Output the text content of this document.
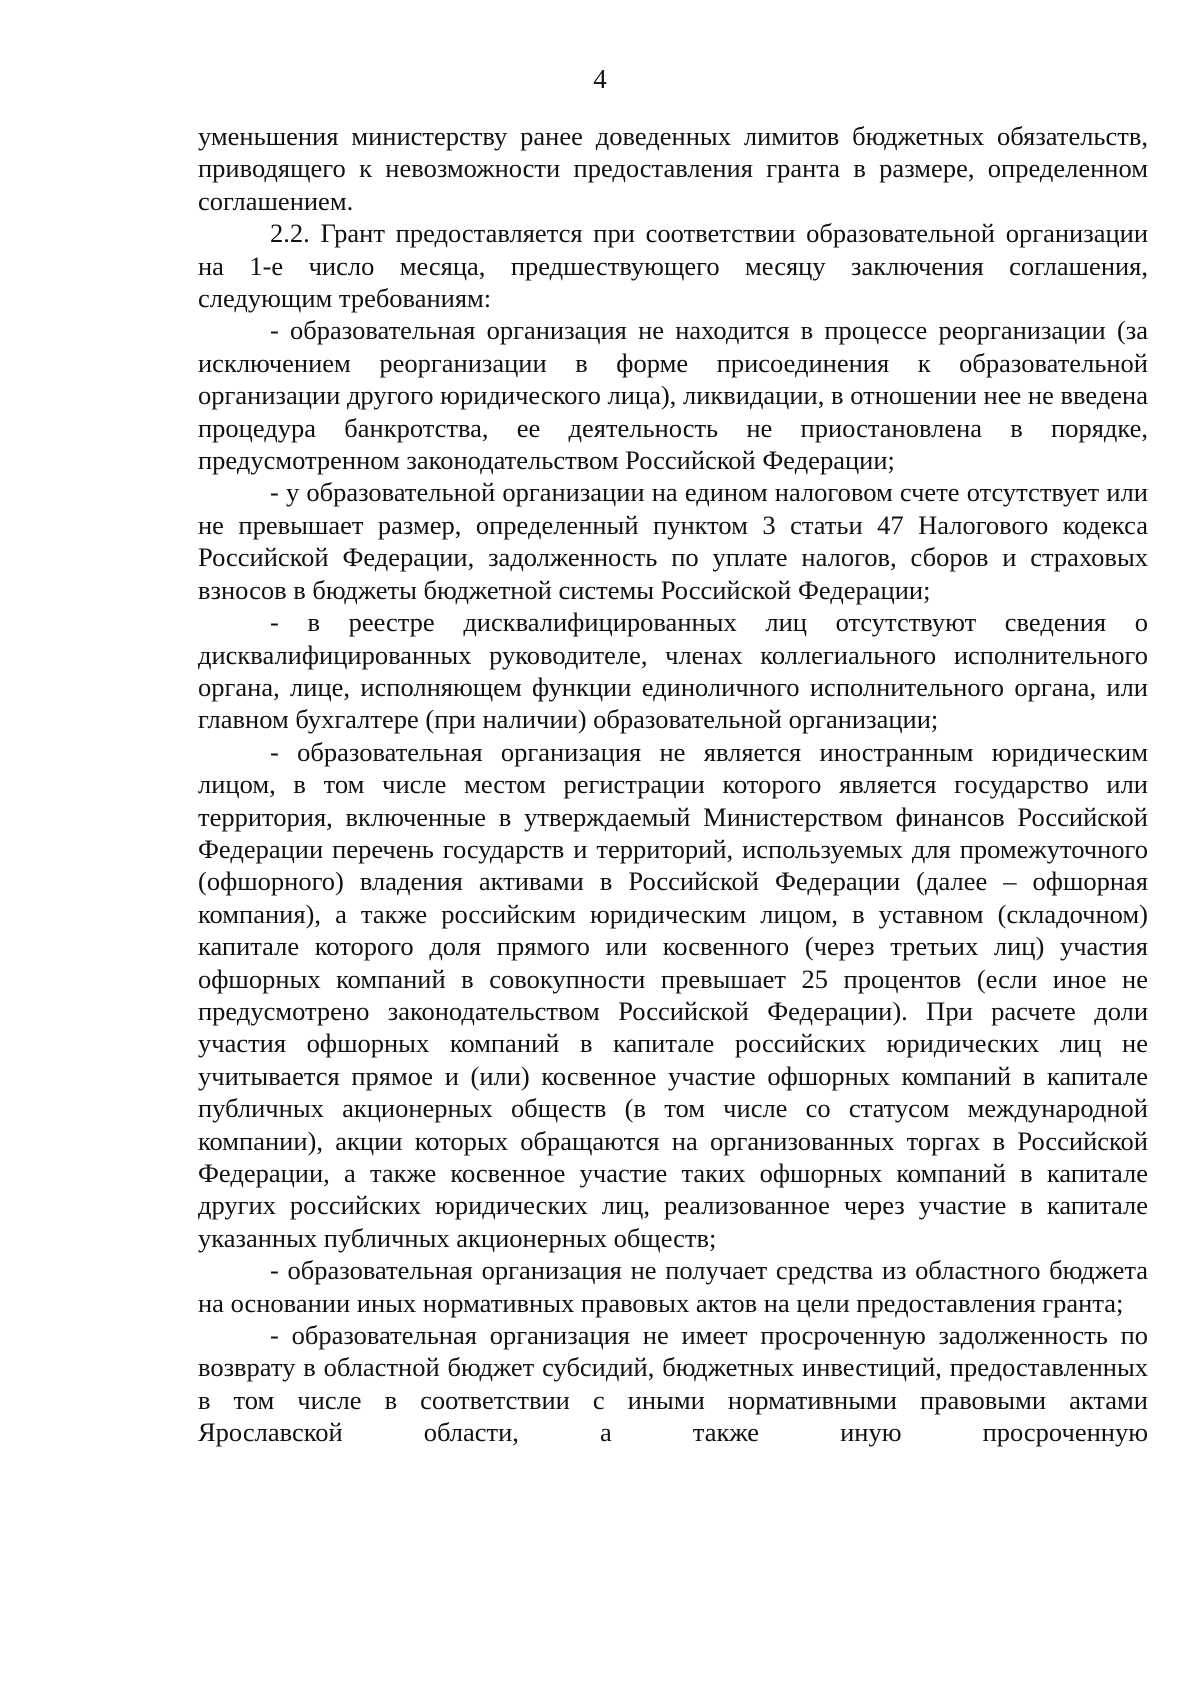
4

уменьшения министерству ранее доведенных лимитов бюджетных обязательств, приводящего к невозможности предоставления гранта в размере, определенном соглашением.

2.2. Грант предоставляется при соответствии образовательной организации на 1-е число месяца, предшествующего месяцу заключения соглашения, следующим требованиям:

- образовательная организация не находится в процессе реорганизации (за исключением реорганизации в форме присоединения к образовательной организации другого юридического лица), ликвидации, в отношении нее не введена процедура банкротства, ее деятельность не приостановлена в порядке, предусмотренном законодательством Российской Федерации;

- у образовательной организации на едином налоговом счете отсутствует или не превышает размер, определенный пунктом 3 статьи 47 Налогового кодекса Российской Федерации, задолженность по уплате налогов, сборов и страховых взносов в бюджеты бюджетной системы Российской Федерации;

- в реестре дисквалифицированных лиц отсутствуют сведения о дисквалифицированных руководителе, членах коллегиального исполнительного органа, лице, исполняющем функции единоличного исполнительного органа, или главном бухгалтере (при наличии) образовательной организации;

- образовательная организация не является иностранным юридическим лицом, в том числе местом регистрации которого является государство или территория, включенные в утверждаемый Министерством финансов Российской Федерации перечень государств и территорий, используемых для промежуточного (офшорного) владения активами в Российской Федерации (далее – офшорная компания), а также российским юридическим лицом, в уставном (складочном) капитале которого доля прямого или косвенного (через третьих лиц) участия офшорных компаний в совокупности превышает 25 процентов (если иное не предусмотрено законодательством Российской Федерации). При расчете доли участия офшорных компаний в капитале российских юридических лиц не учитывается прямое и (или) косвенное участие офшорных компаний в капитале публичных акционерных обществ (в том числе со статусом международной компании), акции которых обращаются на организованных торгах в Российской Федерации, а также косвенное участие таких офшорных компаний в капитале других российских юридических лиц, реализованное через участие в капитале указанных публичных акционерных обществ;

- образовательная организация не получает средства из областного бюджета на основании иных нормативных правовых актов на цели предоставления гранта;

- образовательная организация не имеет просроченную задолженность по возврату в областной бюджет субсидий, бюджетных инвестиций, предоставленных в том числе в соответствии с иными нормативными правовыми актами Ярославской области, а также иную просроченную
